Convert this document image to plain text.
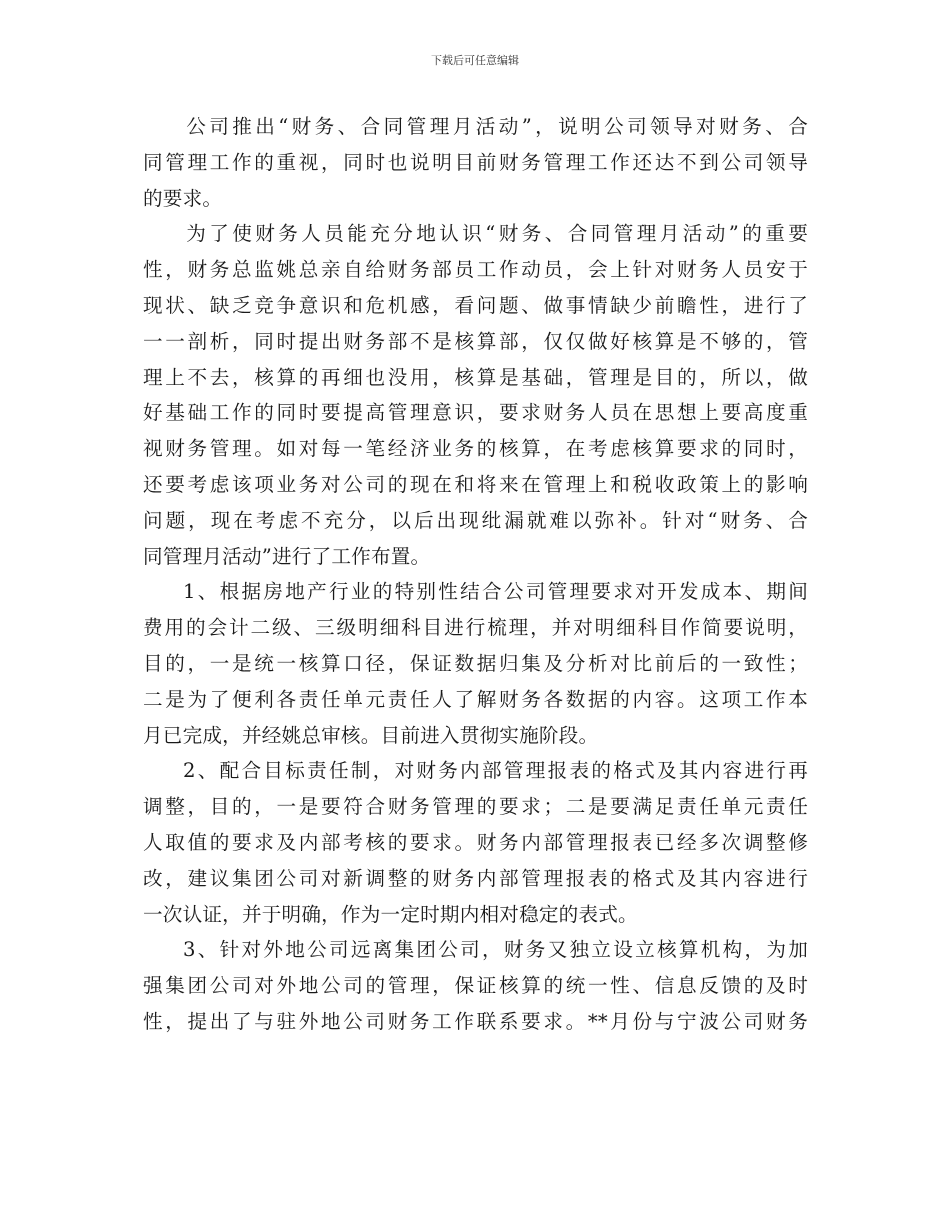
下载后可任意编辑

公司推出“财务、合同管理月活动”，说明公司领导对财务、合
同管理工作的重视，同时也说明目前财务管理工作还达不到公司领导
的要求。

为了使财务人员能充分地认识“财务、合同管理月活动”的重要
性，财务总监姚总亲自给财务部员工作动员，会上针对财务人员安于
现状、缺乏竞争意识和危机感，看问题、做事情缺少前瞻性，进行了
一一剖析，同时提出财务部不是核算部，仅仅做好核算是不够的，管
理上不去，核算的再细也没用，核算是基础，管理是目的，所以，做
好基础工作的同时要提高管理意识，要求财务人员在思想上要高度重
视财务管理。如对每一笔经济业务的核算，在考虑核算要求的同时，
还要考虑该项业务对公司的现在和将来在管理上和税收政策上的影响
问题，现在考虑不充分，以后出现纰漏就难以弥补。针对“财务、合
同管理月活动”进行了工作布置。

1、根据房地产行业的特别性结合公司管理要求对开发成本、期间
费用的会计二级、三级明细科目进行梳理，并对明细科目作简要说明，
目的，一是统一核算口径，保证数据归集及分析对比前后的一致性；
二是为了便利各责任单元责任人了解财务各数据的内容。这项工作本
月已完成，并经姚总审核。目前进入贯彻实施阶段。

2、配合目标责任制，对财务内部管理报表的格式及其内容进行再
调整，目的，一是要符合财务管理的要求；二是要满足责任单元责任
人取值的要求及内部考核的要求。财务内部管理报表已经多次调整修
改，建议集团公司对新调整的财务内部管理报表的格式及其内容进行
一次认证，并于明确，作为一定时期内相对稳定的表式。

3、针对外地公司远离集团公司，财务又独立设立核算机构，为加
强集团公司对外地公司的管理，保证核算的统一性、信息反馈的及时
性，提出了与驻外地公司财务工作联系要求。**月份与宁波公司财务
